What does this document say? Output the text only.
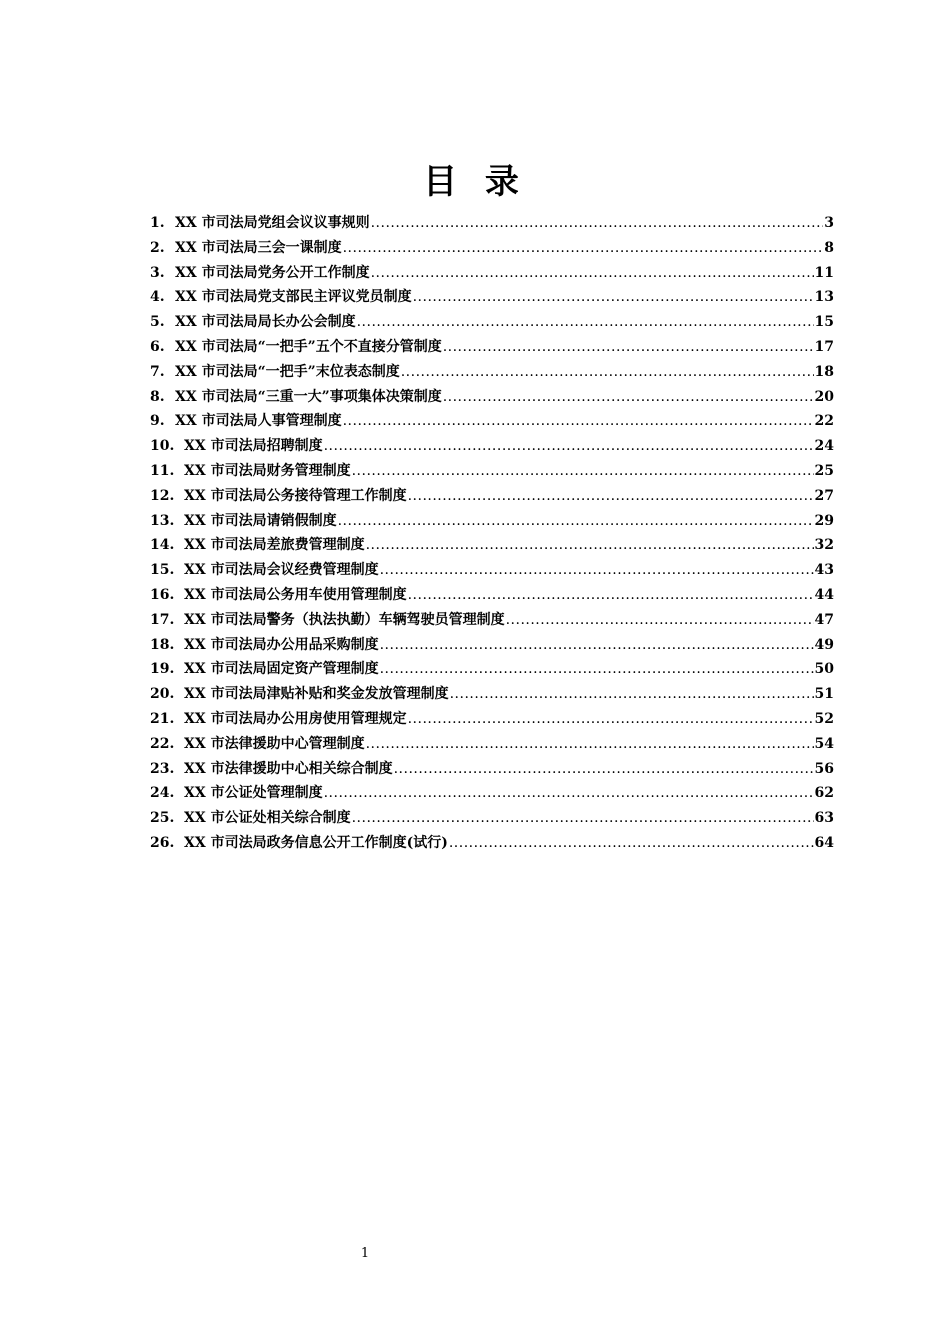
目 录
1. XX 市司法局党组会议议事规则 .....	3
2. XX 市司法局三会一课制度 .....	8
3. XX 市司法局党务公开工作制度 .....	11
4. XX 市司法局党支部民主评议党员制度 .....	13
5. XX 市司法局局长办公会制度 .....	15
6. XX 市司法局“一把手”五个不直接分管制度 .....	17
7. XX 市司法局“一把手”末位表态制度 .....	18
8. XX 市司法局“三重一大”事项集体决策制度 .....	20
9. XX 市司法局人事管理制度 .....	22
10. XX 市司法局招聘制度 .....	24
11. XX 市司法局财务管理制度 .....	25
12. XX 市司法局公务接待管理工作制度 .....	27
13. XX 市司法局请销假制度 .....	29
14. XX 市司法局差旅费管理制度 .....	32
15. XX 市司法局会议经费管理制度 .....	43
16. XX 市司法局公务用车使用管理制度 .....	44
17. XX 市司法局警务（执法执勤）车辆驾驶员管理制度 .....	47
18. XX 市司法局办公用品采购制度 .....	49
19. XX 市司法局固定资产管理制度 .....	50
20. XX 市司法局津贴补贴和奖金发放管理制度 .....	51
21. XX 市司法局办公用房使用管理规定 .....	52
22. XX 市法律援助中心管理制度 .....	54
23. XX 市法律援助中心相关综合制度 .....	56
24. XX 市公证处管理制度 .....	62
25. XX 市公证处相关综合制度 .....	63
26. XX 市司法局政务信息公开工作制度(试行) .....	64
1
